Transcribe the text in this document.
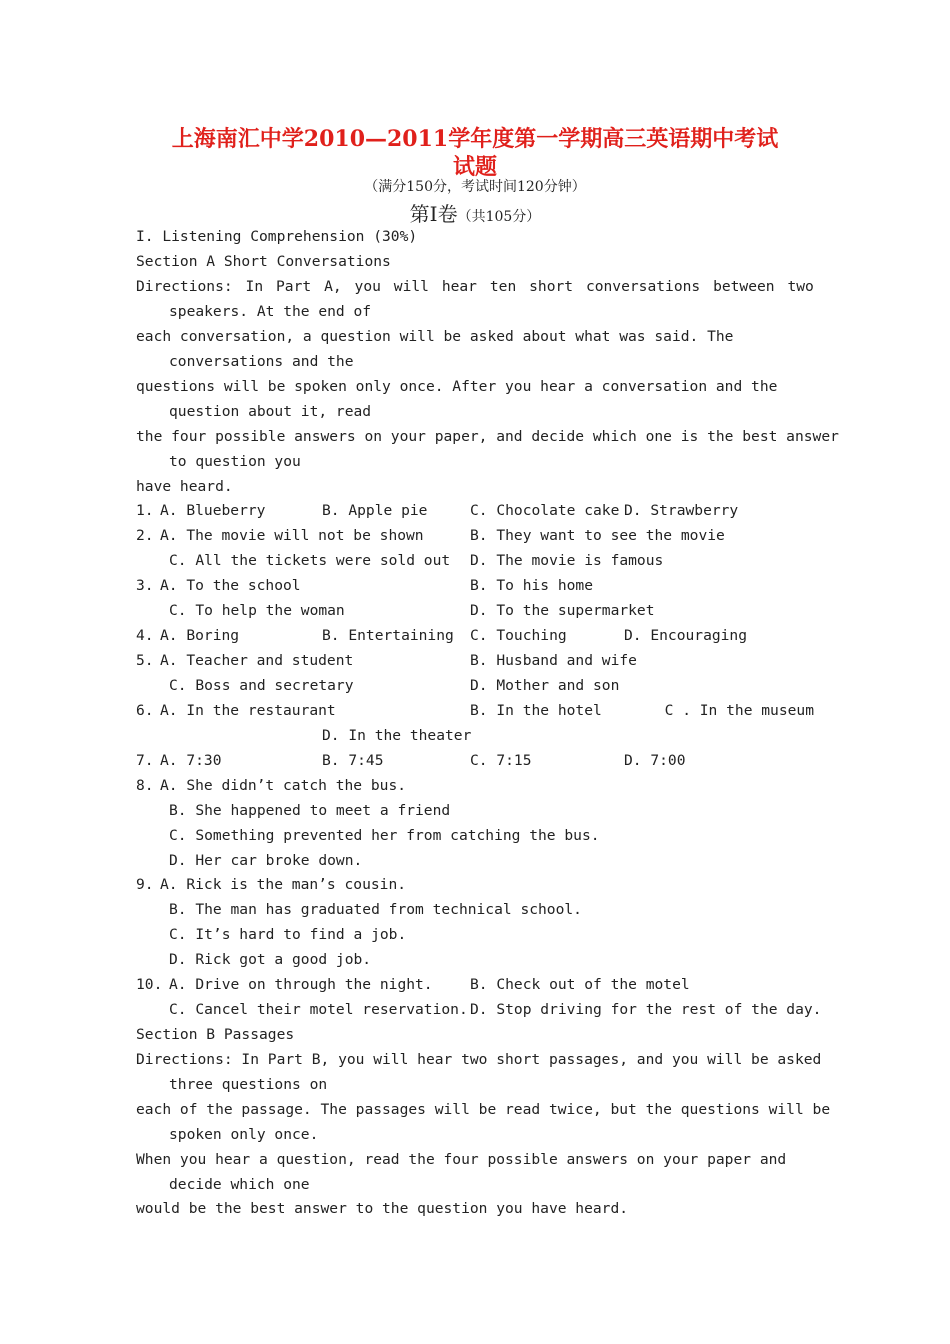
上海南汇中学2010—2011学年度第一学期高三英语期中考试
试题
（满分150分，考试时间120分钟）
第Ⅰ卷（共105分）
I. Listening Comprehension (30%)
Section A Short Conversations
Directions: In Part A, you will hear ten short conversations between two
speakers. At the end of
each conversation, a question will be asked about what was said. The
conversations and the
questions will be spoken only once. After you hear a conversation and the
question about it, read
the four possible answers on your paper, and decide which one is the best answer
to question you
have heard.
1. A. Blueberry	B. Apple pie	C. Chocolate cake D. Strawberry
2. A. The movie will not be shown	B. They want to see the movie
C. All the tickets were sold out D. The movie is famous
3. A. To the school	B. To his home
C. To help the woman	D. To the supermarket
4. A. Boring	B. Entertaining C. Touching	D. Encouraging
5. A. Teacher and student	B. Husband and wife
C. Boss and secretary	D. Mother and son
6. A. In the restaurant	B. In the hotel	C . In the museum
D. In the theater
7. A. 7:30	B. 7:45	C. 7:15	D. 7:00
8. A. She didn’t catch the bus.
B. She happened to meet a friend
C. Something prevented her from catching the bus.
D. Her car broke down.
9. A. Rick is the man’s cousin.
B. The man has graduated from technical school.
C. It’s hard to find a job.
D. Rick got a good job.
10. A. Drive on through the night.	B. Check out of the motel
C. Cancel their motel reservation. D. Stop driving for the rest of the day.
Section B Passages
Directions: In Part B, you will hear two short passages, and you will be asked
three questions on
each of the passage. The passages will be read twice, but the questions will be
spoken only once.
When you hear a question, read the four possible answers on your paper and
decide which one
would be the best answer to the question you have heard.
